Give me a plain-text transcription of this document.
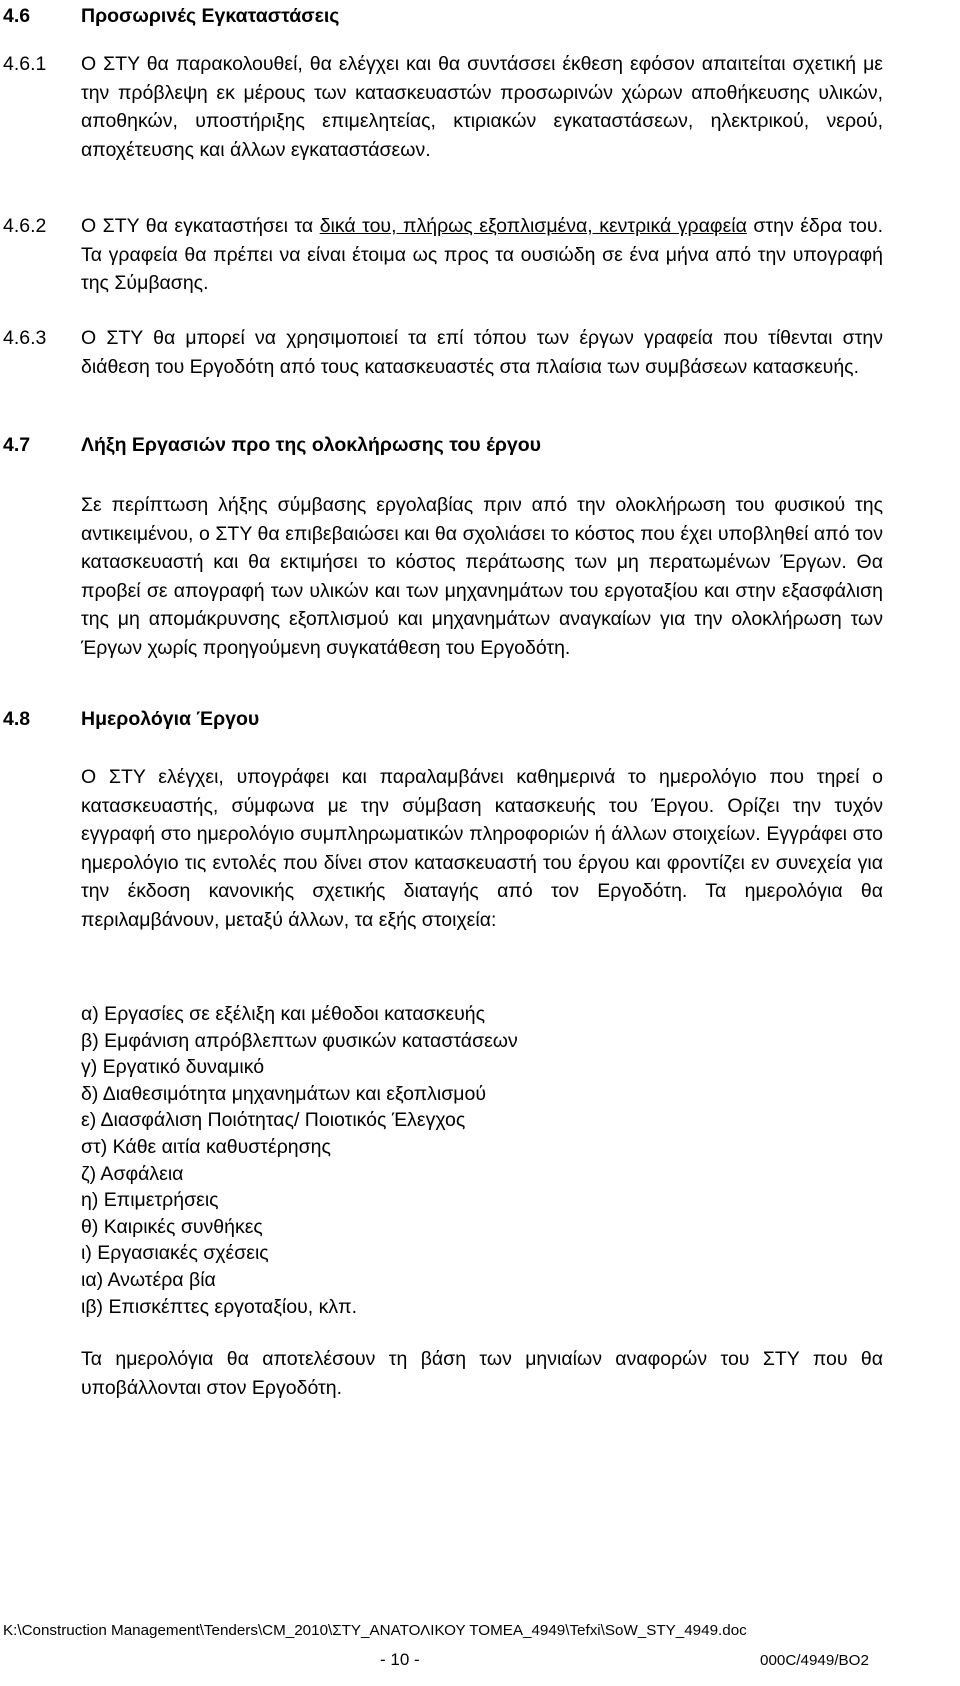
4.6	Προσωρινές Εγκαταστάσεις
4.6.1 Ο ΣΤΥ θα παρακολουθεί, θα ελέγχει και θα συντάσσει έκθεση εφόσον απαιτείται σχετική με την πρόβλεψη εκ μέρους των κατασκευαστών προσωρινών χώρων αποθήκευσης υλικών, αποθηκών, υποστήριξης επιμελητείας, κτιριακών εγκαταστάσεων, ηλεκτρικού, νερού, αποχέτευσης και άλλων εγκαταστάσεων.
4.6.2 Ο ΣΤΥ θα εγκαταστήσει τα δικά του, πλήρως εξοπλισμένα, κεντρικά γραφεία στην έδρα του. Τα γραφεία θα πρέπει να είναι έτοιμα ως προς τα ουσιώδη σε ένα μήνα από την υπογραφή της Σύμβασης.
4.6.3 Ο ΣΤΥ θα μπορεί να χρησιμοποιεί τα επί τόπου των έργων γραφεία που τίθενται στην διάθεση του Εργοδότη από τους κατασκευαστές στα πλαίσια των συμβάσεων κατασκευής.
4.7	Λήξη Εργασιών προ της ολοκλήρωσης του έργου
Σε περίπτωση λήξης σύμβασης εργολαβίας πριν από την ολοκλήρωση του φυσικού της αντικειμένου, ο ΣΤΥ θα επιβεβαιώσει και θα σχολιάσει το κόστος που έχει υποβληθεί από τον κατασκευαστή και θα εκτιμήσει το κόστος περάτωσης των μη περατωμένων Έργων. Θα προβεί σε απογραφή των υλικών και των μηχανημάτων του εργοταξίου και στην εξασφάλιση της μη απομάκρυνσης εξοπλισμού και μηχανημάτων αναγκαίων για την ολοκλήρωση των Έργων χωρίς προηγούμενη συγκατάθεση του Εργοδότη.
4.8	Ημερολόγια Έργου
Ο ΣΤΥ ελέγχει, υπογράφει και παραλαμβάνει καθημερινά το ημερολόγιο που τηρεί ο κατασκευαστής, σύμφωνα με την σύμβαση κατασκευής του Έργου. Ορίζει την τυχόν εγγραφή στο ημερολόγιο συμπληρωματικών πληροφοριών ή άλλων στοιχείων. Εγγράφει στο ημερολόγιο τις εντολές που δίνει στον κατασκευαστή του έργου και φροντίζει εν συνεχεία για την έκδοση κανονικής σχετικής διαταγής από τον Εργοδότη. Τα ημερολόγια θα περιλαμβάνουν, μεταξύ άλλων, τα εξής στοιχεία:
α) Εργασίες σε εξέλιξη και μέθοδοι κατασκευής
β) Εμφάνιση απρόβλεπτων φυσικών καταστάσεων
γ) Εργατικό δυναμικό
δ) Διαθεσιμότητα μηχανημάτων και εξοπλισμού
ε) Διασφάλιση Ποιότητας/ Ποιοτικός Έλεγχος
στ) Κάθε αιτία καθυστέρησης
ζ) Ασφάλεια
η) Επιμετρήσεις
θ) Καιρικές συνθήκες
ι) Εργασιακές σχέσεις
ια) Ανωτέρα βία
ιβ) Επισκέπτες εργοταξίου, κλπ.
Τα ημερολόγια θα αποτελέσουν τη βάση των μηνιαίων αναφορών του ΣΤΥ που θα υποβάλλονται στον Εργοδότη.
K:\Construction Management\Tenders\CM_2010\ΣΤΥ_ΑΝΑΤΟΛΙΚΟΥ ΤΟΜΕΑ_4949\Tefxi\SoW_STY_4949.doc
- 10 -	000C/4949/BO2
